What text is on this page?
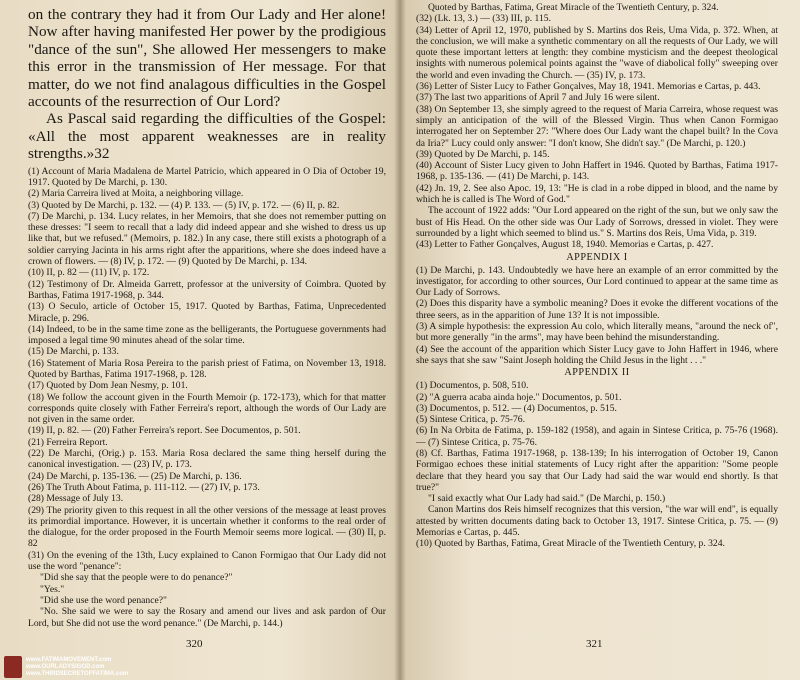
on the contrary they had it from Our Lady and Her alone! Now after having manifested Her power by the prodigious "dance of the sun", She allowed Her messengers to make this error in the transmission of Her message. For that matter, do we not find analagous difficulties in the Gospel accounts of the resurrection of Our Lord?

As Pascal said regarding the difficulties of the Gospel: «All the most apparent weaknesses are in reality strengths.»32

(1) Account of Maria Madalena de Martel Patricio, which appeared in O Dia of October 19, 1917. Quoted by De Marchi, p. 130.

(2) Maria Carreira lived at Moita, a neighboring village.

(3) Quoted by De Marchi, p. 132. — (4) P. 133. — (5) IV, p. 172. — (6) II, p. 82.

(7) De Marchi, p. 134. Lucy relates, in her Memoirs, that she does not remember putting on these dresses: "I seem to recall that a lady did indeed appear and she wished to dress us up like that, but we refused." (Memoirs, p. 182.) In any case, there still exists a photograph of a soldier carrying Jacinta in his arms right after the apparitions, where she does indeed have a crown of flowers. — (8) IV, p. 172. — (9) Quoted by De Marchi, p. 134.

(10) II, p. 82 — (11) IV, p. 172.

(12) Testimony of Dr. Almeida Garrett, professor at the university of Coimbra. Quoted by Barthas, Fatima 1917-1968, p. 344.

(13) O Seculo, article of October 15, 1917. Quoted by Barthas, Fatima, Unprecedented Miracle, p. 296.

(14) Indeed, to be in the same time zone as the belligerants, the Portuguese governments had imposed a legal time 90 minutes ahead of the solar time.

(15) De Marchi, p. 133.

(16) Statement of Maria Rosa Pereira to the parish priest of Fatima, on November 13, 1918. Quoted by Barthas, Fatima 1917-1968, p. 128.

(17) Quoted by Dom Jean Nesmy, p. 101.

(18) We follow the account given in the Fourth Memoir (p. 172-173), which for that matter corresponds quite closely with Father Ferreira's report, although the words of Our Lady are not given in the same order.

(19) II, p. 82. — (20) Father Ferreira's report. See Documentos, p. 501.

(21) Ferreira Report.

(22) De Marchi, (Orig.) p. 153. Maria Rosa declared the same thing herself during the canonical investigation. — (23) IV, p. 173.

(24) De Marchi, p. 135-136. — (25) De Marchi, p. 136.

(26) The Truth About Fatima, p. 111-112. — (27) IV, p. 173.

(28) Message of July 13.

(29) The priority given to this request in all the other versions of the message at least proves its primordial importance. However, it is uncertain whether it conforms to the real order of the dialogue, for the order proposed in the Fourth Memoir seems more logical. — (30) II, p. 82

(31) On the evening of the 13th, Lucy explained to Canon Formigao that Our Lady did not use the word "penance":

"Did she say that the people were to do penance?"

"Yes."

"Did she use the word penance?"

"No. She said we were to say the Rosary and amend our lives and ask pardon of Our Lord, but She did not use the word penance." (De Marchi, p. 144.)

320

Quoted by Barthas, Fatima, Great Miracle of the Twentieth Century, p. 324.

(32) (Lk. 13, 3.) — (33) III, p. 115.

(34) Letter of April 12, 1970, published by S. Martins dos Reis, Uma Vida, p. 372. When, at the conclusion, we will make a synthetic commentary on all the requests of Our Lady, we will quote these important letters at length: they combine mysticism and the deepest theological insights with numerous polemical points against the "wave of diabolical folly" sweeping over the world and even invading the Church. — (35) IV, p. 173.

(36) Letter of Sister Lucy to Father Gonçalves, May 18, 1941. Memorias e Cartas, p. 443.

(37) The last two apparitions of April 7 and July 16 were silent.

(38) On September 13, she simply agreed to the request of Maria Carreira, whose request was simply an anticipation of the will of the Blessed Virgin. Thus when Canon Formigao interrogated her on September 27: "Where does Our Lady want the chapel built? In the Cova da Iria?" Lucy could only answer: "I don't know, She didn't say." (De Marchi, p. 120.)

(39) Quoted by De Marchi, p. 145.

(40) Account of Sister Lucy given to John Haffert in 1946. Quoted by Barthas, Fatima 1917-1968, p. 135-136. — (41) De Marchi, p. 143.

(42) Jn. 19, 2. See also Apoc. 19, 13: "He is clad in a robe dipped in blood, and the name by which he is called is The Word of God."

The account of 1922 adds: "Our Lord appeared on the right of the sun, but we only saw the bust of His Head. On the other side was Our Lady of Sorrows, dressed in violet. They were surrounded by a light which seemed to blind us." S. Martins dos Reis, Uma Vida, p. 319.

(43) Letter to Father Gonçalves, August 18, 1940. Memorias e Cartas, p. 427.

APPENDIX I

(1) De Marchi, p. 143. Undoubtedly we have here an example of an error committed by the investigator, for according to other sources, Our Lord continued to appear at the same time as Our Lady of Sorrows.

(2) Does this disparity have a symbolic meaning? Does it evoke the different vocations of the three seers, as in the apparition of June 13? It is not impossible.

(3) A simple hypothesis: the expression Au colo, which literally means, "around the neck of", but more generally "in the arms", may have been behind the misunderstanding.

(4) See the account of the apparition which Sister Lucy gave to John Haffert in 1946, where she says that she saw "Saint Joseph holding the Child Jesus in the light . . ."

APPENDIX II

(1) Documentos, p. 508, 510.

(2) "A guerra acaba ainda hoje." Documentos, p. 501.

(3) Documentos, p. 512. — (4) Documentos, p. 515.

(5) Sintese Critica, p. 75-76.

(6) In Na Orbita de Fatima, p. 159-182 (1958), and again in Sintese Critica, p. 75-76 (1968). — (7) Sintese Critica, p. 75-76.

(8) Cf. Barthas, Fatima 1917-1968, p. 138-139; In his interrogation of October 19, Canon Formigao echoes these initial statements of Lucy right after the apparition: "Some people declare that they heard you say that Our Lady had said the war would end shortly. Is that true?"

"I said exactly what Our Lady had said." (De Marchi, p. 150.)

Canon Martins dos Reis himself recognizes that this version, "the war will end", is equally attested by written documents dating back to October 13, 1917. Sintese Critica, p. 75. — (9) Memorias e Cartas, p. 445.

(10) Quoted by Barthas, Fatima, Great Miracle of the Twentieth Century, p. 324.

321
www.FATIMAMOVEMENT.com
www.OURLADYSIGOD.com
www.THIRDSECRETOFFATIMA.com
